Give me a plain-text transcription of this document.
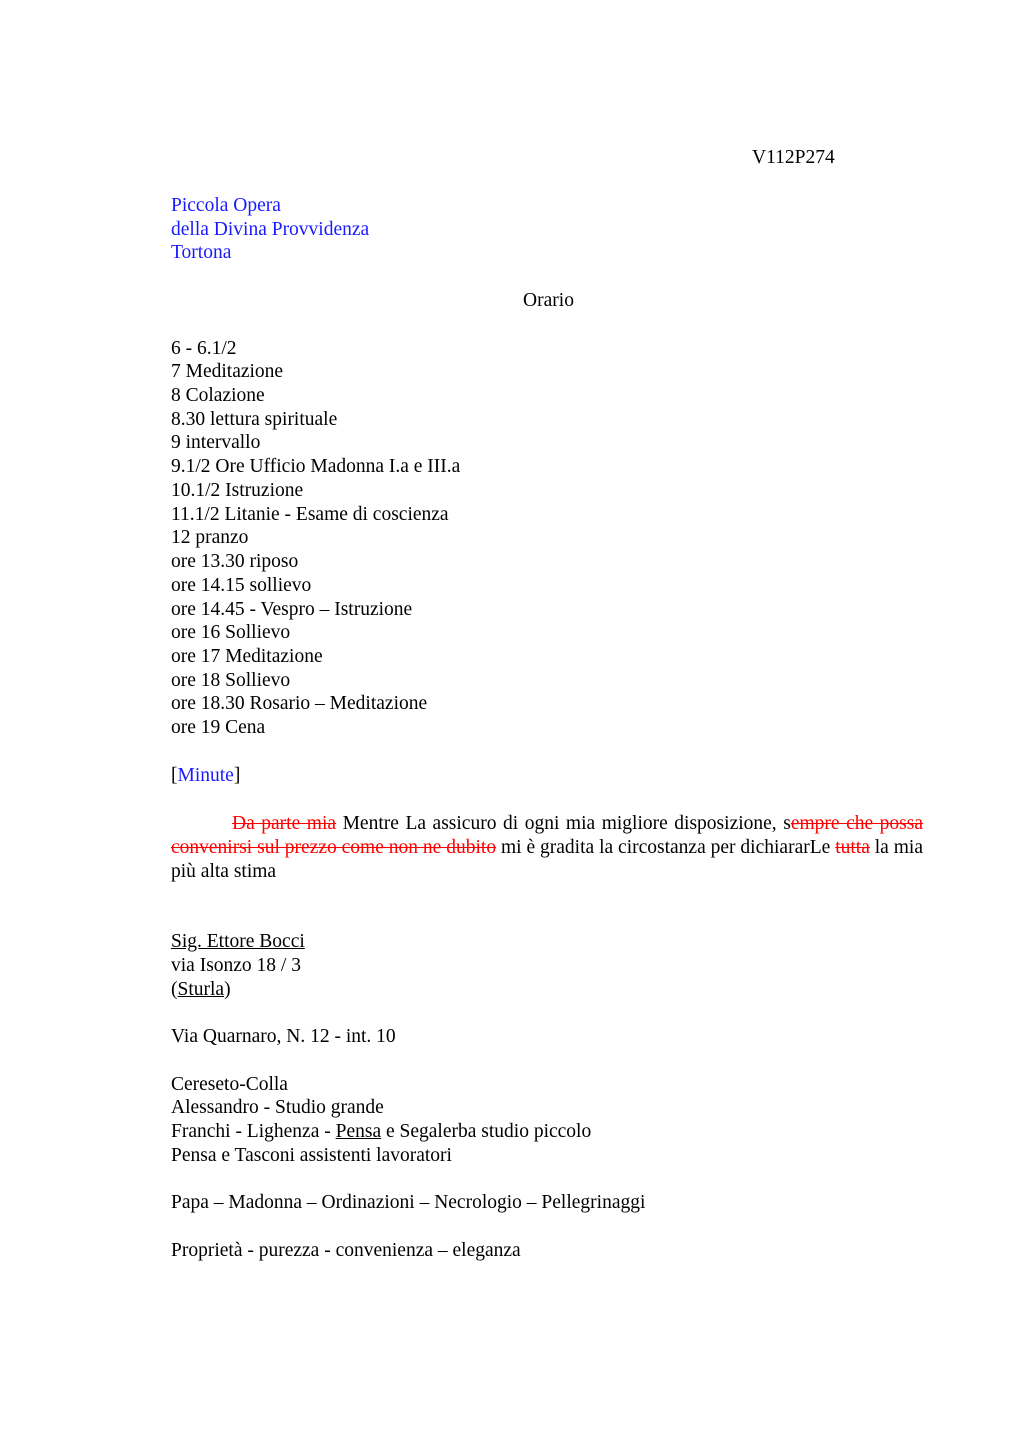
V112P274
Piccola Opera
della Divina Provvidenza
Tortona
Orario
6 - 6.1/2
7 Meditazione
8 Colazione
8.30 lettura spirituale
9 intervallo
9.1/2 Ore Ufficio Madonna I.a e III.a
10.1/2 Istruzione
11.1/2 Litanie - Esame di coscienza
12 pranzo
ore 13.30 riposo
ore 14.15 sollievo
ore 14.45 - Vespro – Istruzione
ore 16 Sollievo
ore 17 Meditazione
ore 18 Sollievo
ore 18.30 Rosario – Meditazione
ore 19 Cena
[Minute]
Da parte mia Mentre La assicuro di ogni mia migliore disposizione, sempre che possa convenirsi sul prezzo come non ne dubito mi è gradita la circostanza per dichiararLe tutta la mia più alta stima
Sig. Ettore Bocci
via Isonzo 18 / 3
(Sturla)
Via Quarnaro, N. 12 - int. 10
Cereseto-Colla
Alessandro - Studio grande
Franchi - Lighenza - Pensa e Segalerba studio piccolo
Pensa e Tasconi assistenti lavoratori
Papa – Madonna – Ordinazioni – Necrologio – Pellegrinaggi
Proprietà - purezza - convenienza – eleganza
